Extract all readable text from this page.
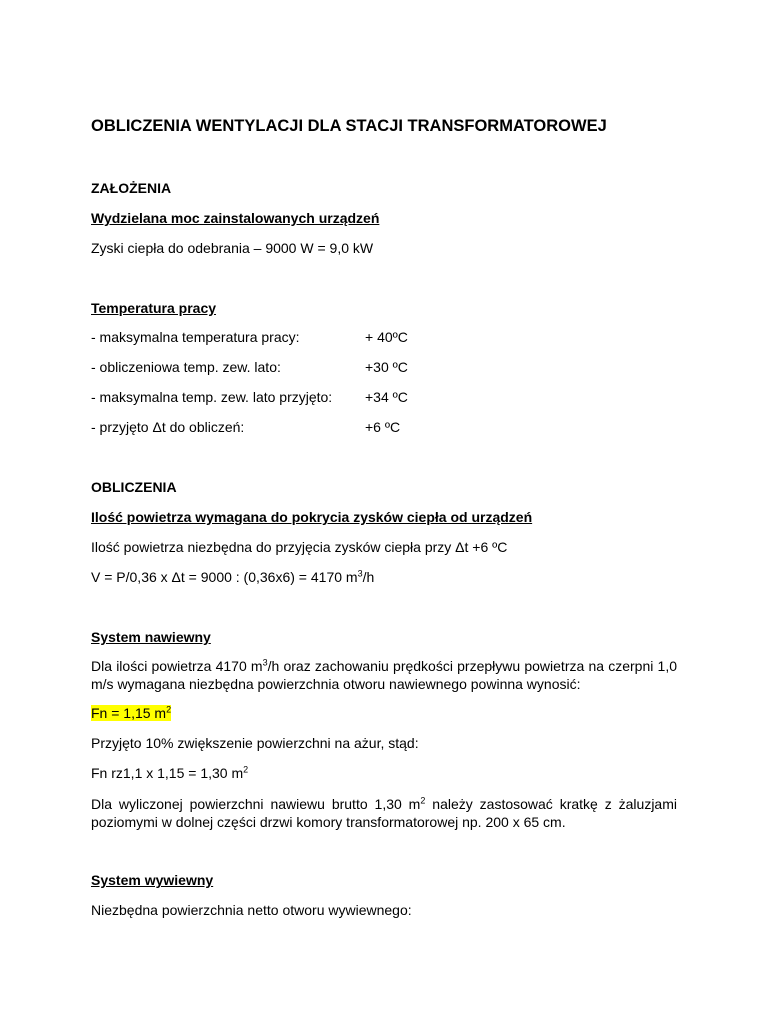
OBLICZENIA WENTYLACJI DLA STACJI TRANSFORMATOROWEJ
ZAŁOŻENIA
Wydzielana moc zainstalowanych urządzeń
Zyski ciepła do odebrania – 9000 W = 9,0 kW
Temperatura pracy
- maksymalna temperatura pracy:	+ 40ºC
- obliczeniowa temp. zew. lato:	+30 ºC
- maksymalna temp. zew. lato przyjęto: +34 ºC
- przyjęto Δt do obliczeń:	+6 ºC
OBLICZENIA
Ilość powietrza wymagana do pokrycia zysków ciepła od urządzeń
Ilość powietrza niezbędna do przyjęcia zysków ciepła przy Δt +6 ºC
V = P/0,36 x Δt = 9000 : (0,36x6) = 4170 $m^3/h$
System nawiewny
Dla ilości powietrza 4170 $m^3/h$ oraz zachowaniu prędkości przepływu powietrza na czerpni 1,0 m/s wymagana niezbędna powierzchnia otworu nawiewnego powinna wynosić:
Fn = 1,15 $m^2$
Przyjęto 10% zwiększenie powierzchni na ażur, stąd:
Fn rz1,1 x 1,15 = 1,30 $m^2$
Dla wyliczonej powierzchni nawiewu brutto 1,30 $m^2$ należy zastosować kratkę z żaluzjami poziomymi w dolnej części drzwi komory transformatorowej np. 200 x 65 cm.
System wywiewny
Niezbędna powierzchnia netto otworu wywiewnego:
